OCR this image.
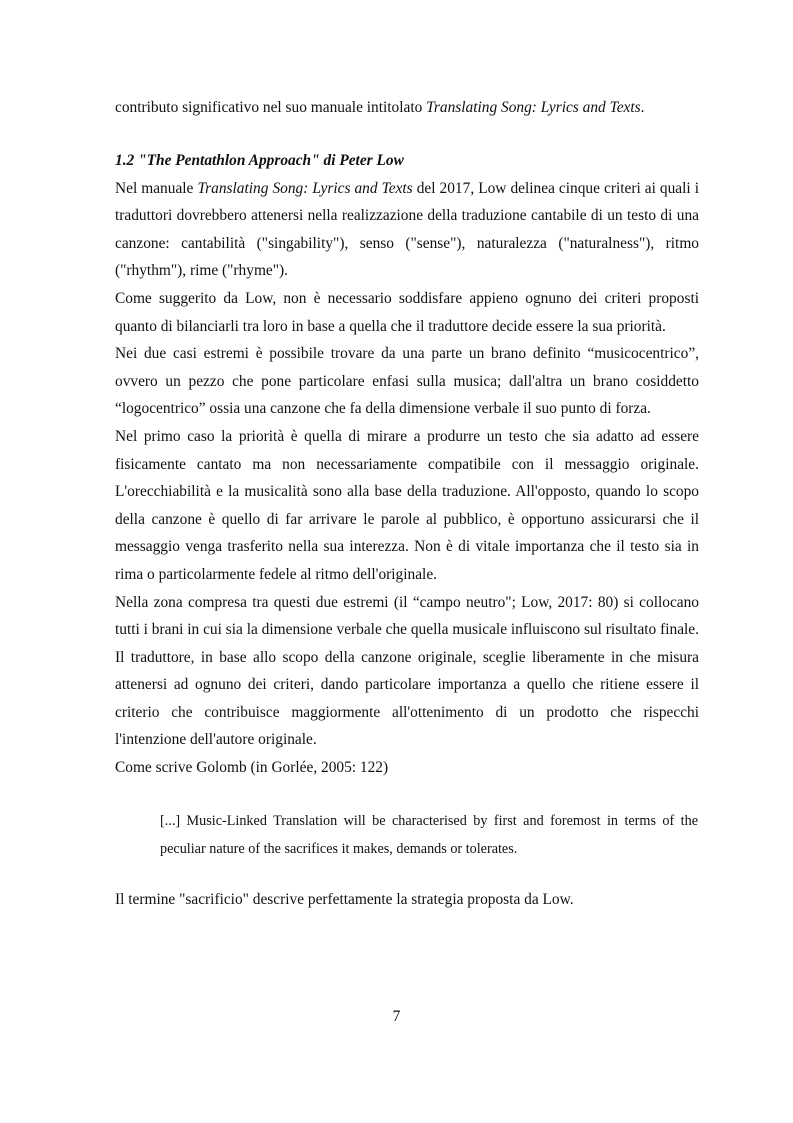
contributo significativo nel suo manuale intitolato Translating Song: Lyrics and Texts.

1.2 "The Pentathlon Approach" di Peter Low

Nel manuale Translating Song: Lyrics and Texts del 2017, Low delinea cinque criteri ai quali i traduttori dovrebbero attenersi nella realizzazione della traduzione cantabile di un testo di una canzone: cantabilità ("singability"), senso ("sense"), naturalezza ("naturalness"), ritmo ("rhythm"), rime ("rhyme").

Come suggerito da Low, non è necessario soddisfare appieno ognuno dei criteri proposti quanto di bilanciarli tra loro in base a quella che il traduttore decide essere la sua priorità.

Nei due casi estremi è possibile trovare da una parte un brano definito “musicocentrico”, ovvero un pezzo che pone particolare enfasi sulla musica; dall'altra un brano cosiddetto “logocentrico” ossia una canzone che fa della dimensione verbale il suo punto di forza.

Nel primo caso la priorità è quella di mirare a produrre un testo che sia adatto ad essere fisicamente cantato ma non necessariamente compatibile con il messaggio originale. L'orecchiabilità e la musicalità sono alla base della traduzione. All'opposto, quando lo scopo della canzone è quello di far arrivare le parole al pubblico, è opportuno assicurarsi che il messaggio venga trasferito nella sua interezza. Non è di vitale importanza che il testo sia in rima o particolarmente fedele al ritmo dell'originale.

Nella zona compresa tra questi due estremi (il “campo neutro"; Low, 2017: 80) si collocano tutti i brani in cui sia la dimensione verbale che quella musicale influiscono sul risultato finale. Il traduttore, in base allo scopo della canzone originale, sceglie liberamente in che misura attenersi ad ognuno dei criteri, dando particolare importanza a quello che ritiene essere il criterio che contribuisce maggiormente all'ottenimento di un prodotto che rispecchi l'intenzione dell'autore originale.

Come scrive Golomb (in Gorlée, 2005: 122)

[...] Music-Linked Translation will be characterised by first and foremost in terms of the peculiar nature of the sacrifices it makes, demands or tolerates.
Il termine "sacrificio" descrive perfettamente la strategia proposta da Low.
7
